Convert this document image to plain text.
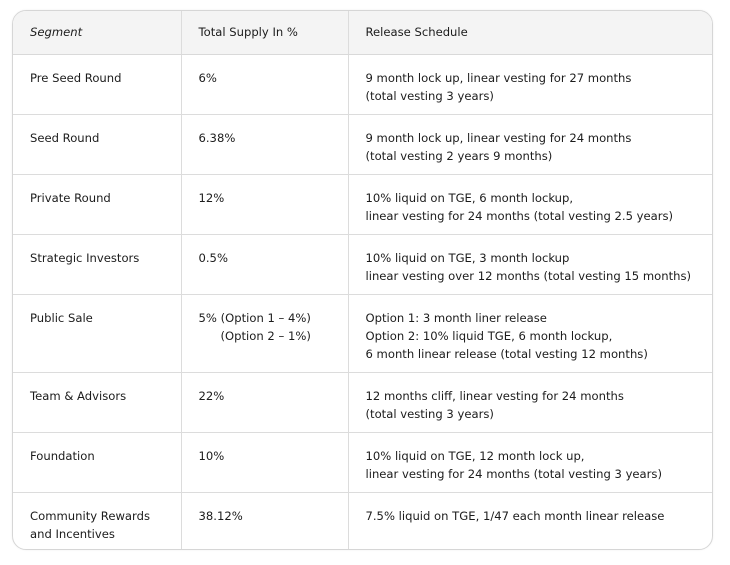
Segment	Total Supply In %	Release Schedule

Pre Seed Round	6%	9 month lock up, linear vesting for 27 months
(total vesting 3 years)

Seed Round	6.38%	9 month lock up, linear vesting for 24 months
(total vesting 2 years 9 months)

Private Round	12%	10% liquid on TGE, 6 month lockup,
linear vesting for 24 months (total vesting 2.5 years)

Strategic Investors	0.5%	10% liquid on TGE, 3 month lockup
linear vesting over 12 months (total vesting 15 months)

Public Sale	5% (Option 1 – 4%)
(Option 2 – 1%)	Option 1: 3 month liner release
Option 2: 10% liquid TGE, 6 month lockup,
6 month linear release (total vesting 12 months)

Team & Advisors	22%	12 months cliff, linear vesting for 24 months
(total vesting 3 years)

Foundation	10%	10% liquid on TGE, 12 month lock up,
linear vesting for 24 months (total vesting 3 years)

Community Rewards
and Incentives	38.12%	7.5% liquid on TGE, 1/47 each month linear release
